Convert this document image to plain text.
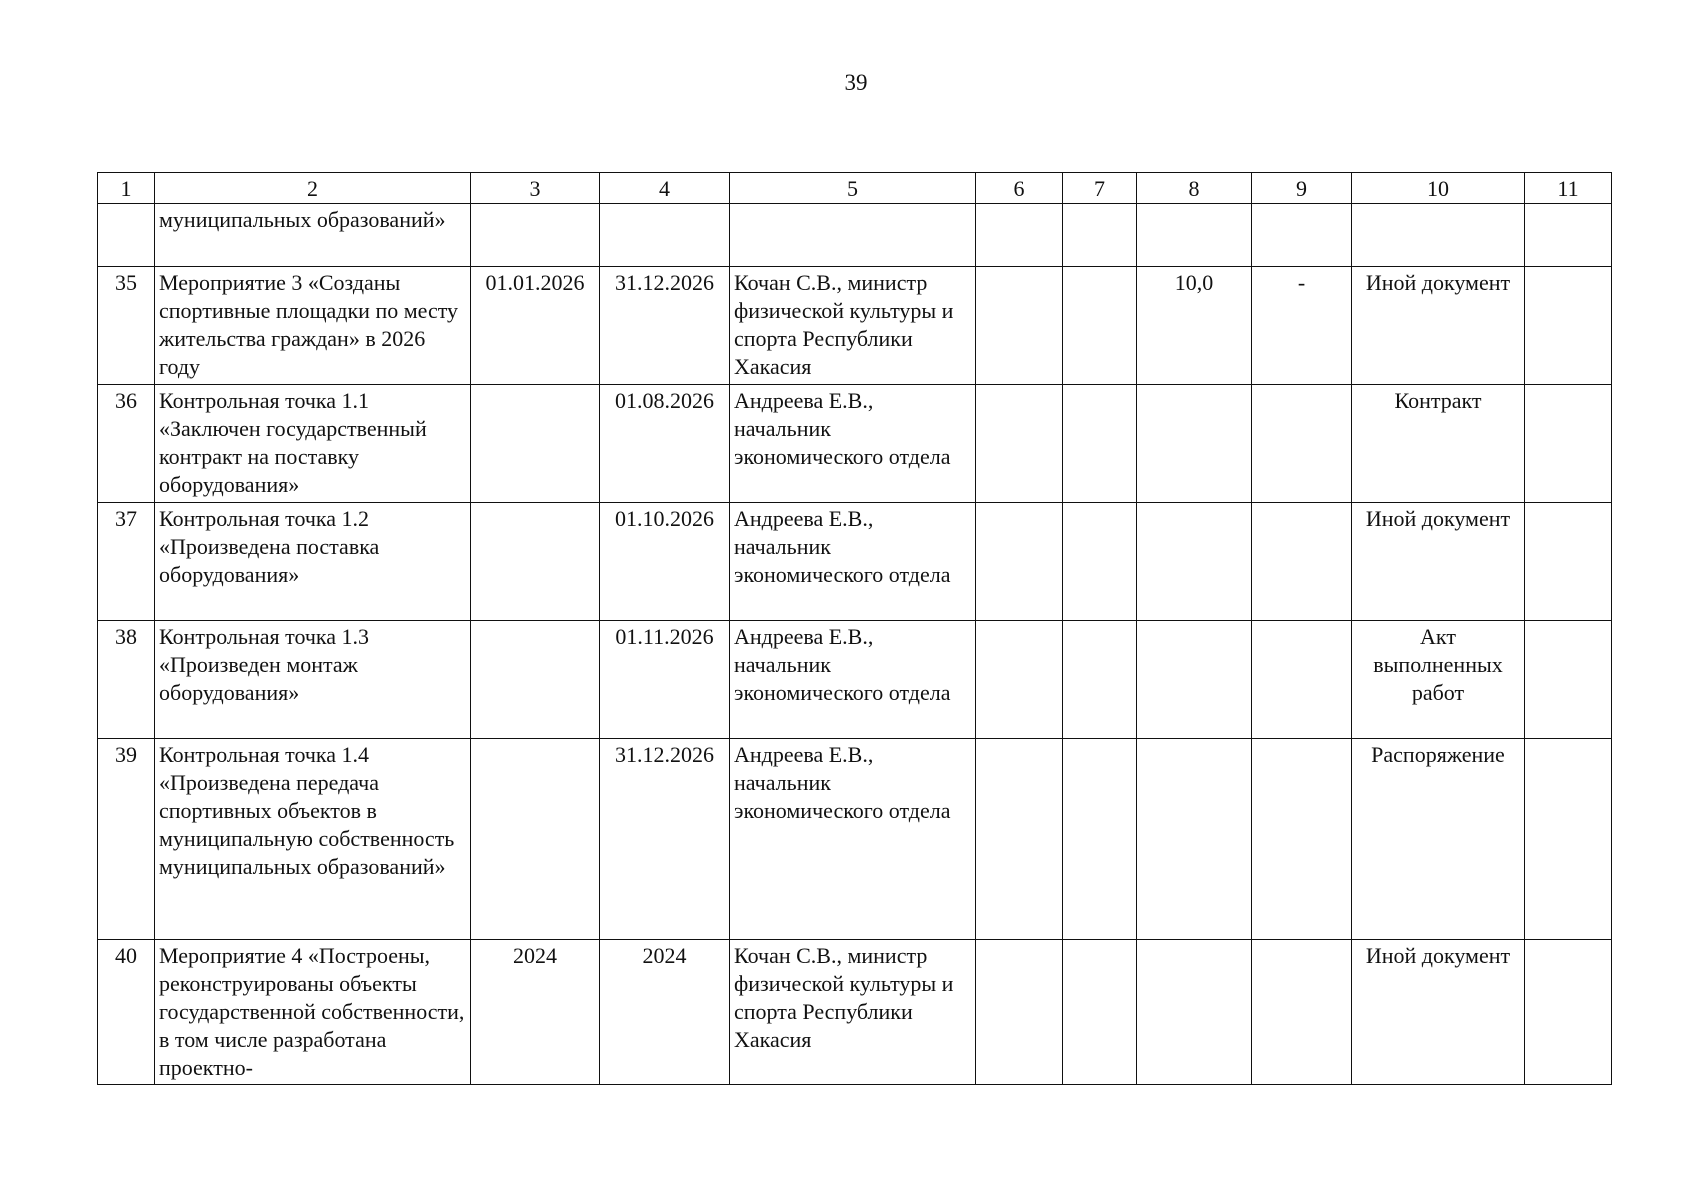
39
1	2	3	4	5	6	7	8	9	10	11
	муниципальных образований»									
35	Мероприятие 3 «Созданы спортивные площадки по месту жительства граждан» в 2026 году	01.01.2026	31.12.2026	Кочан С.В., министр физической культуры и спорта Республики Хакасия			10,0	-	Иной документ	
36	Контрольная точка 1.1 «Заключен государственный контракт на поставку оборудования»		01.08.2026	Андреева Е.В., начальник экономического отдела					Контракт	
37	Контрольная точка 1.2 «Произведена поставка оборудования»		01.10.2026	Андреева Е.В., начальник экономического отдела					Иной документ	
38	Контрольная точка 1.3 «Произведен монтаж оборудования»		01.11.2026	Андреева Е.В., начальник экономического отдела					Акт выполненных работ	
39	Контрольная точка 1.4 «Произведена передача спортивных объектов в муниципальную собственность муниципальных образований»		31.12.2026	Андреева Е.В., начальник экономического отдела					Распоряжение	
40	Мероприятие 4 «Построены, реконструированы объекты государственной собственности, в том числе разработана проектно-	2024	2024	Кочан С.В., министр физической культуры и спорта Республики Хакасия					Иной документ	
